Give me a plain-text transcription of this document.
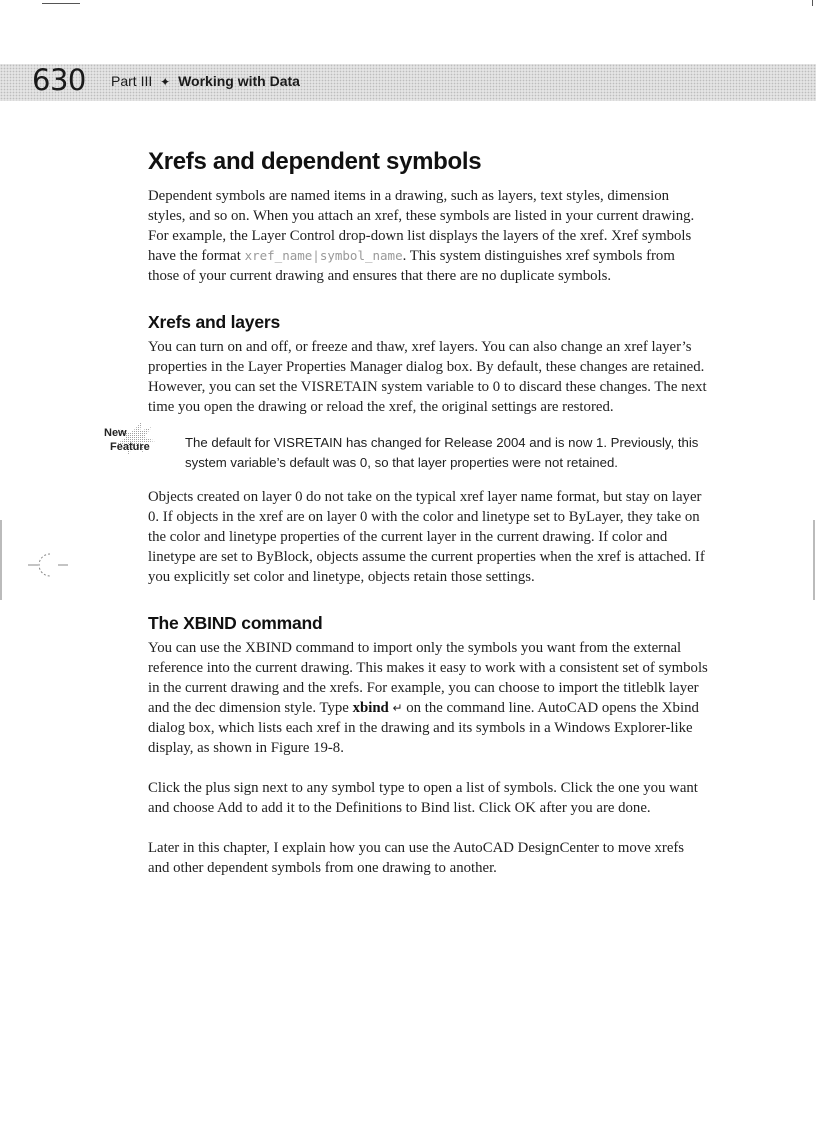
630 Part III ✦ Working with Data
Xrefs and dependent symbols

Dependent symbols are named items in a drawing, such as layers, text styles, dimension styles, and so on. When you attach an xref, these symbols are listed in your current drawing. For example, the Layer Control drop-down list displays the layers of the xref. Xref symbols have the format xref_name|symbol_name. This system distinguishes xref symbols from those of your current drawing and ensures that there are no duplicate symbols.

Xrefs and layers

You can turn on and off, or freeze and thaw, xref layers. You can also change an xref layer’s properties in the Layer Properties Manager dialog box. By default, these changes are retained. However, you can set the VISRETAIN system variable to 0 to discard these changes. The next time you open the drawing or reload the xref, the original settings are restored.

New
Feature	The default for VISRETAIN has changed for Release 2004 and is now 1. Previously, this system variable’s default was 0, so that layer properties were not retained.

Objects created on layer 0 do not take on the typical xref layer name format, but stay on layer 0. If objects in the xref are on layer 0 with the color and linetype set to ByLayer, they take on the color and linetype properties of the current layer in the current drawing. If color and linetype are set to ByBlock, objects assume the current properties when the xref is attached. If you explicitly set color and linetype, objects retain those settings.

The XBIND command

You can use the XBIND command to import only the symbols you want from the external reference into the current drawing. This makes it easy to work with a consistent set of symbols in the current drawing and the xrefs. For example, you can choose to import the titleblk layer and the dec dimension style. Type xbind ↵ on the command line. AutoCAD opens the Xbind dialog box, which lists each xref in the drawing and its symbols in a Windows Explorer-like display, as shown in Figure 19-8.

Click the plus sign next to any symbol type to open a list of symbols. Click the one you want and choose Add to add it to the Definitions to Bind list. Click OK after you are done.

Later in this chapter, I explain how you can use the AutoCAD DesignCenter to move xrefs and other dependent symbols from one drawing to another.
